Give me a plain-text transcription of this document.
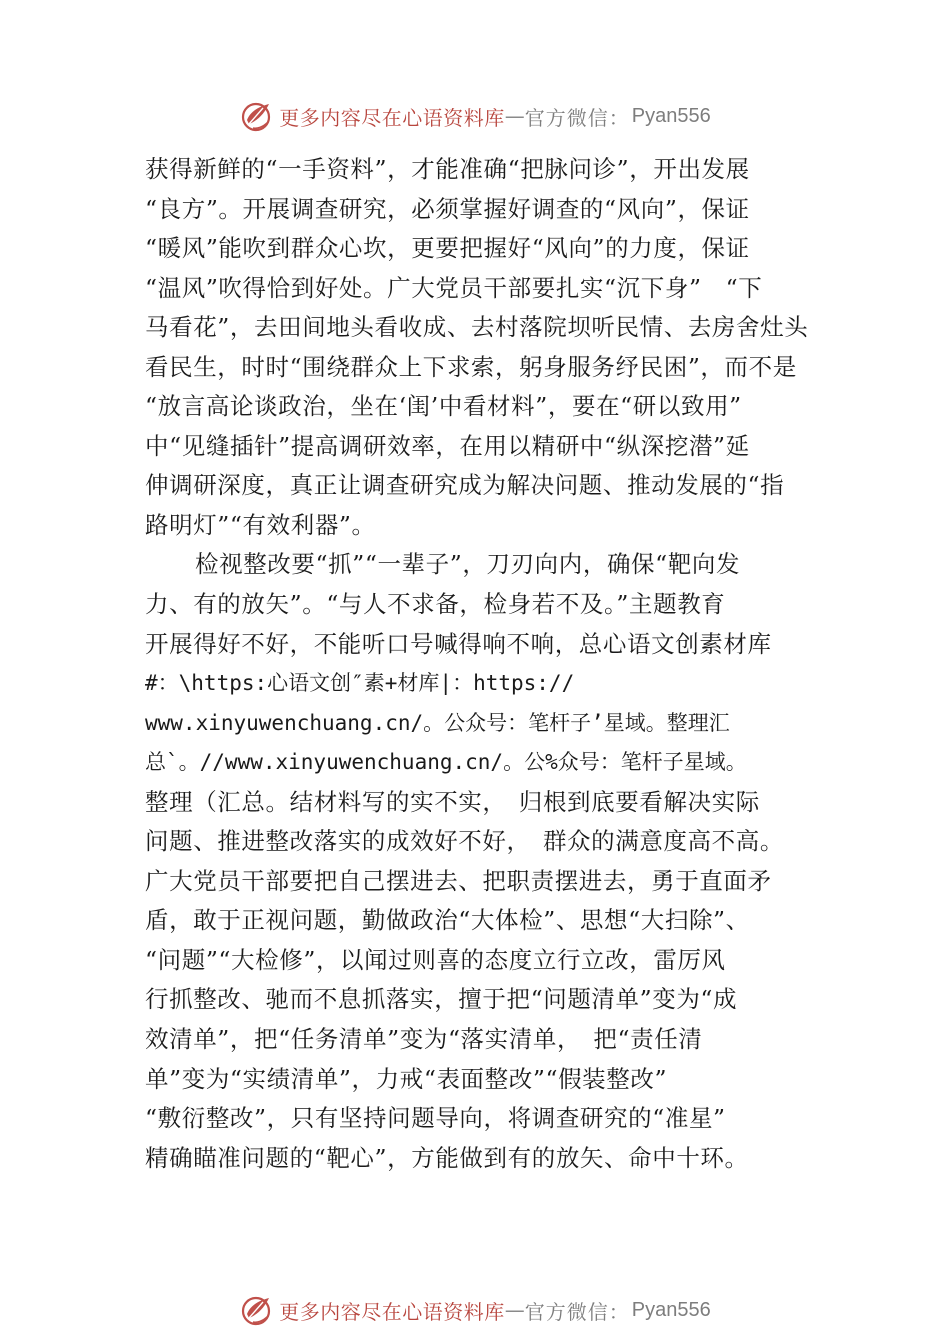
更多内容尽在心语资料库 — 官方微信： Pyan556
获得新鲜的“一手资料”，才能准确“把脉问诊”，开出发展
“良方”。开展调查研究，必须掌握好调查的“风向”，保证
“暖风”能吹到群众心坎，更要把握好“风向”的力度，保证
“温风”吹得恰到好处。广大党员干部要扎实“沉下身”　“下
马看花”，去田间地头看收成、去村落院坝听民情、去房舍灶头
看民生，时时“围绕群众上下求索，躬身服务纾民困”，而不是
“放言高论谈政治，坐在‘闺’中看材料”，要在“研以致用”
中“见缝插针”提高调研效率，在用以精研中“纵深挖潜”延
伸调研深度，真正让调查研究成为解决问题、推动发展的“指
路明灯”“有效利器”。
检视整改要“抓”“一辈子”，刀刃向内，确保“靶向发
力、有的放矢”。“与人不求备，检身若不及。”主题教育
开展得好不好，不能听口号喊得响不响，总心语文创素材库
#：\https:心语文创″素+材库|：https://
www.xinyuwenchuang.cn/。公众号：笔杆子’星域。整理汇
总`。//www.xinyuwenchuang.cn/。公%众号：笔杆子星域。
整理（汇总。结材料写的实不实，　归根到底要看解决实际
问题、推进整改落实的成效好不好，　群众的满意度高不高。
广大党员干部要把自己摆进去、把职责摆进去，勇于直面矛
盾，敢于正视问题，勤做政治“大体检”、思想“大扫除”、
“问题”“大检修”，以闻过则喜的态度立行立改，雷厉风
行抓整改、驰而不息抓落实，擅于把“问题清单”变为“成
效清单”，把“任务清单”变为“落实清单，　把“责任清
单”变为“实绩清单”，力戒“表面整改”“假装整改”
“敷衍整改”，只有坚持问题导向，将调查研究的“准星”
精确瞄准问题的“靶心”，方能做到有的放矢、命中十环。
更多内容尽在心语资料库 — 官方微信： Pyan556
